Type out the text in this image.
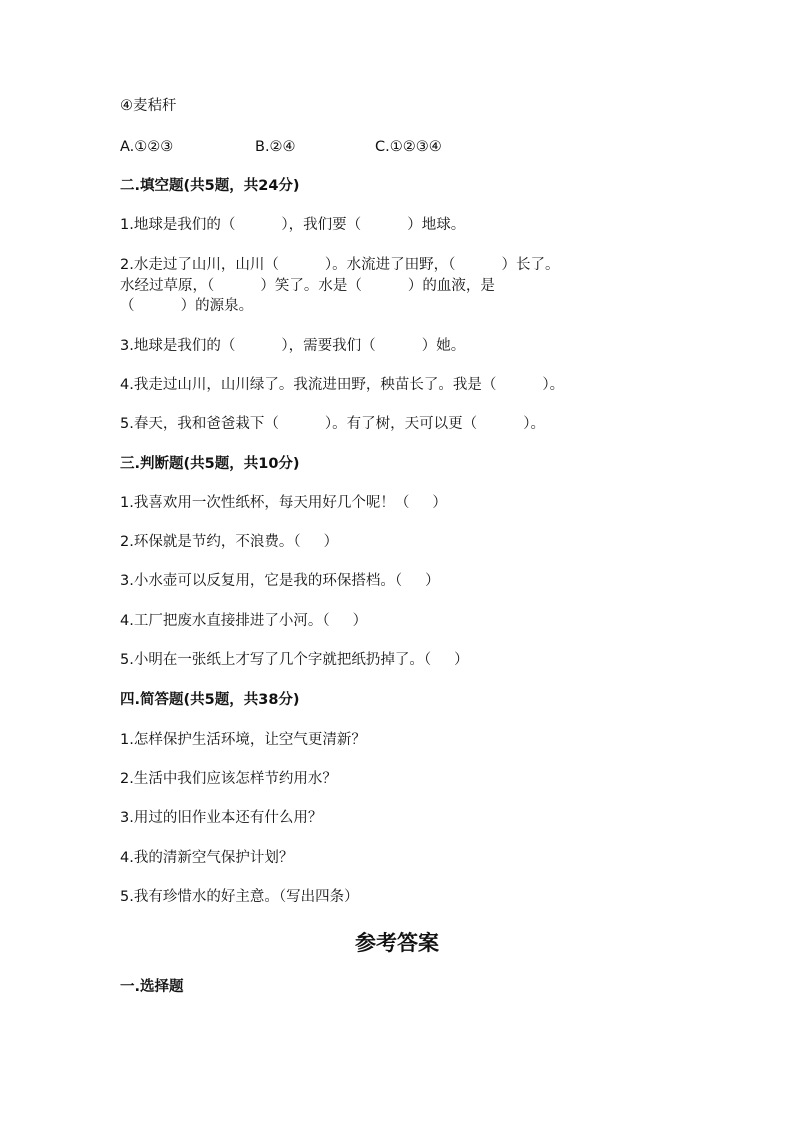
④麦秸秆

A.①②③

	B.②④

	C.①②③④

二.填空题(共5题，共24分)
1.地球是我们的（          ），我们要（          ）地球。
2.水走过了山川，山川（          ）。水流进了田野，（          ）长了。
水经过草原，（          ）笑了。水是（          ）的血液，是
（          ）的源泉。
3.地球是我们的（          ），需要我们（          ）她。
4.我走过山川，山川绿了。我流进田野，秧苗长了。我是（          ）。
5.春天，我和爸爸栽下（          ）。有了树，天可以更（          ）。
三.判断题(共5题，共10分)
1.我喜欢用一次性纸杯，每天用好几个呢！（     ）
2.环保就是节约，不浪费。（     ）
3.小水壶可以反复用，它是我的环保搭档。（     ）
4.工厂把废水直接排进了小河。（     ）
5.小明在一张纸上才写了几个字就把纸扔掉了。（     ）
四.简答题(共5题，共38分)
1.怎样保护生活环境，让空气更清新？
2.生活中我们应该怎样节约用水？
3.用过的旧作业本还有什么用？
4.我的清新空气保护计划？
5.我有珍惜水的好主意。（写出四条）
参考答案
一.选择题
